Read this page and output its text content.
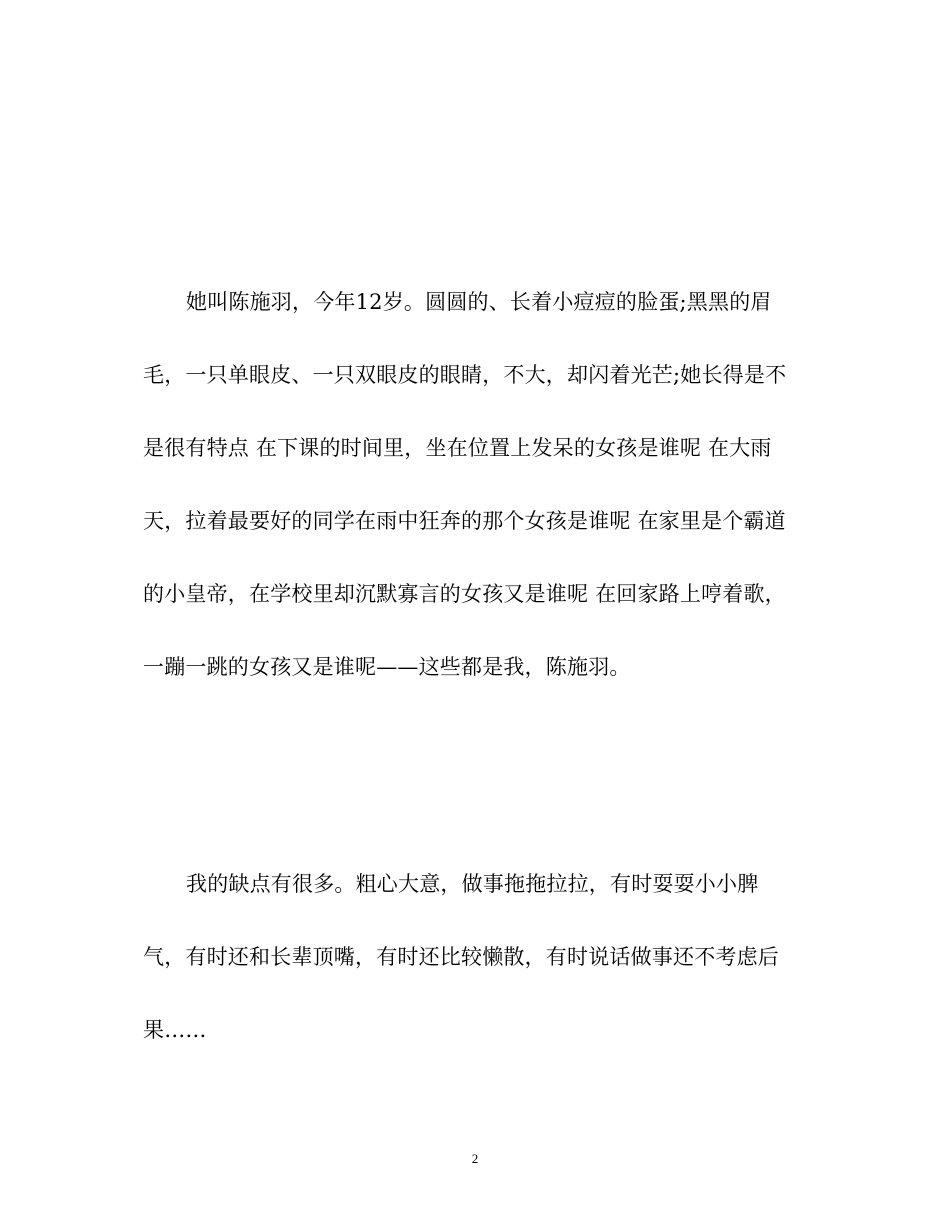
她叫陈施羽，今年12岁。圆圆的、长着小痘痘的脸蛋;黑黑的眉
毛，一只单眼皮、一只双眼皮的眼睛，不大，却闪着光芒;她长得是不
是很有特点 在下课的时间里，坐在位置上发呆的女孩是谁呢 在大雨
天，拉着最要好的同学在雨中狂奔的那个女孩是谁呢 在家里是个霸道
的小皇帝，在学校里却沉默寡言的女孩又是谁呢 在回家路上哼着歌，
一蹦一跳的女孩又是谁呢——这些都是我，陈施羽。
我的缺点有很多。粗心大意，做事拖拖拉拉，有时耍耍小小脾
气，有时还和长辈顶嘴，有时还比较懒散，有时说话做事还不考虑后
果……
2
